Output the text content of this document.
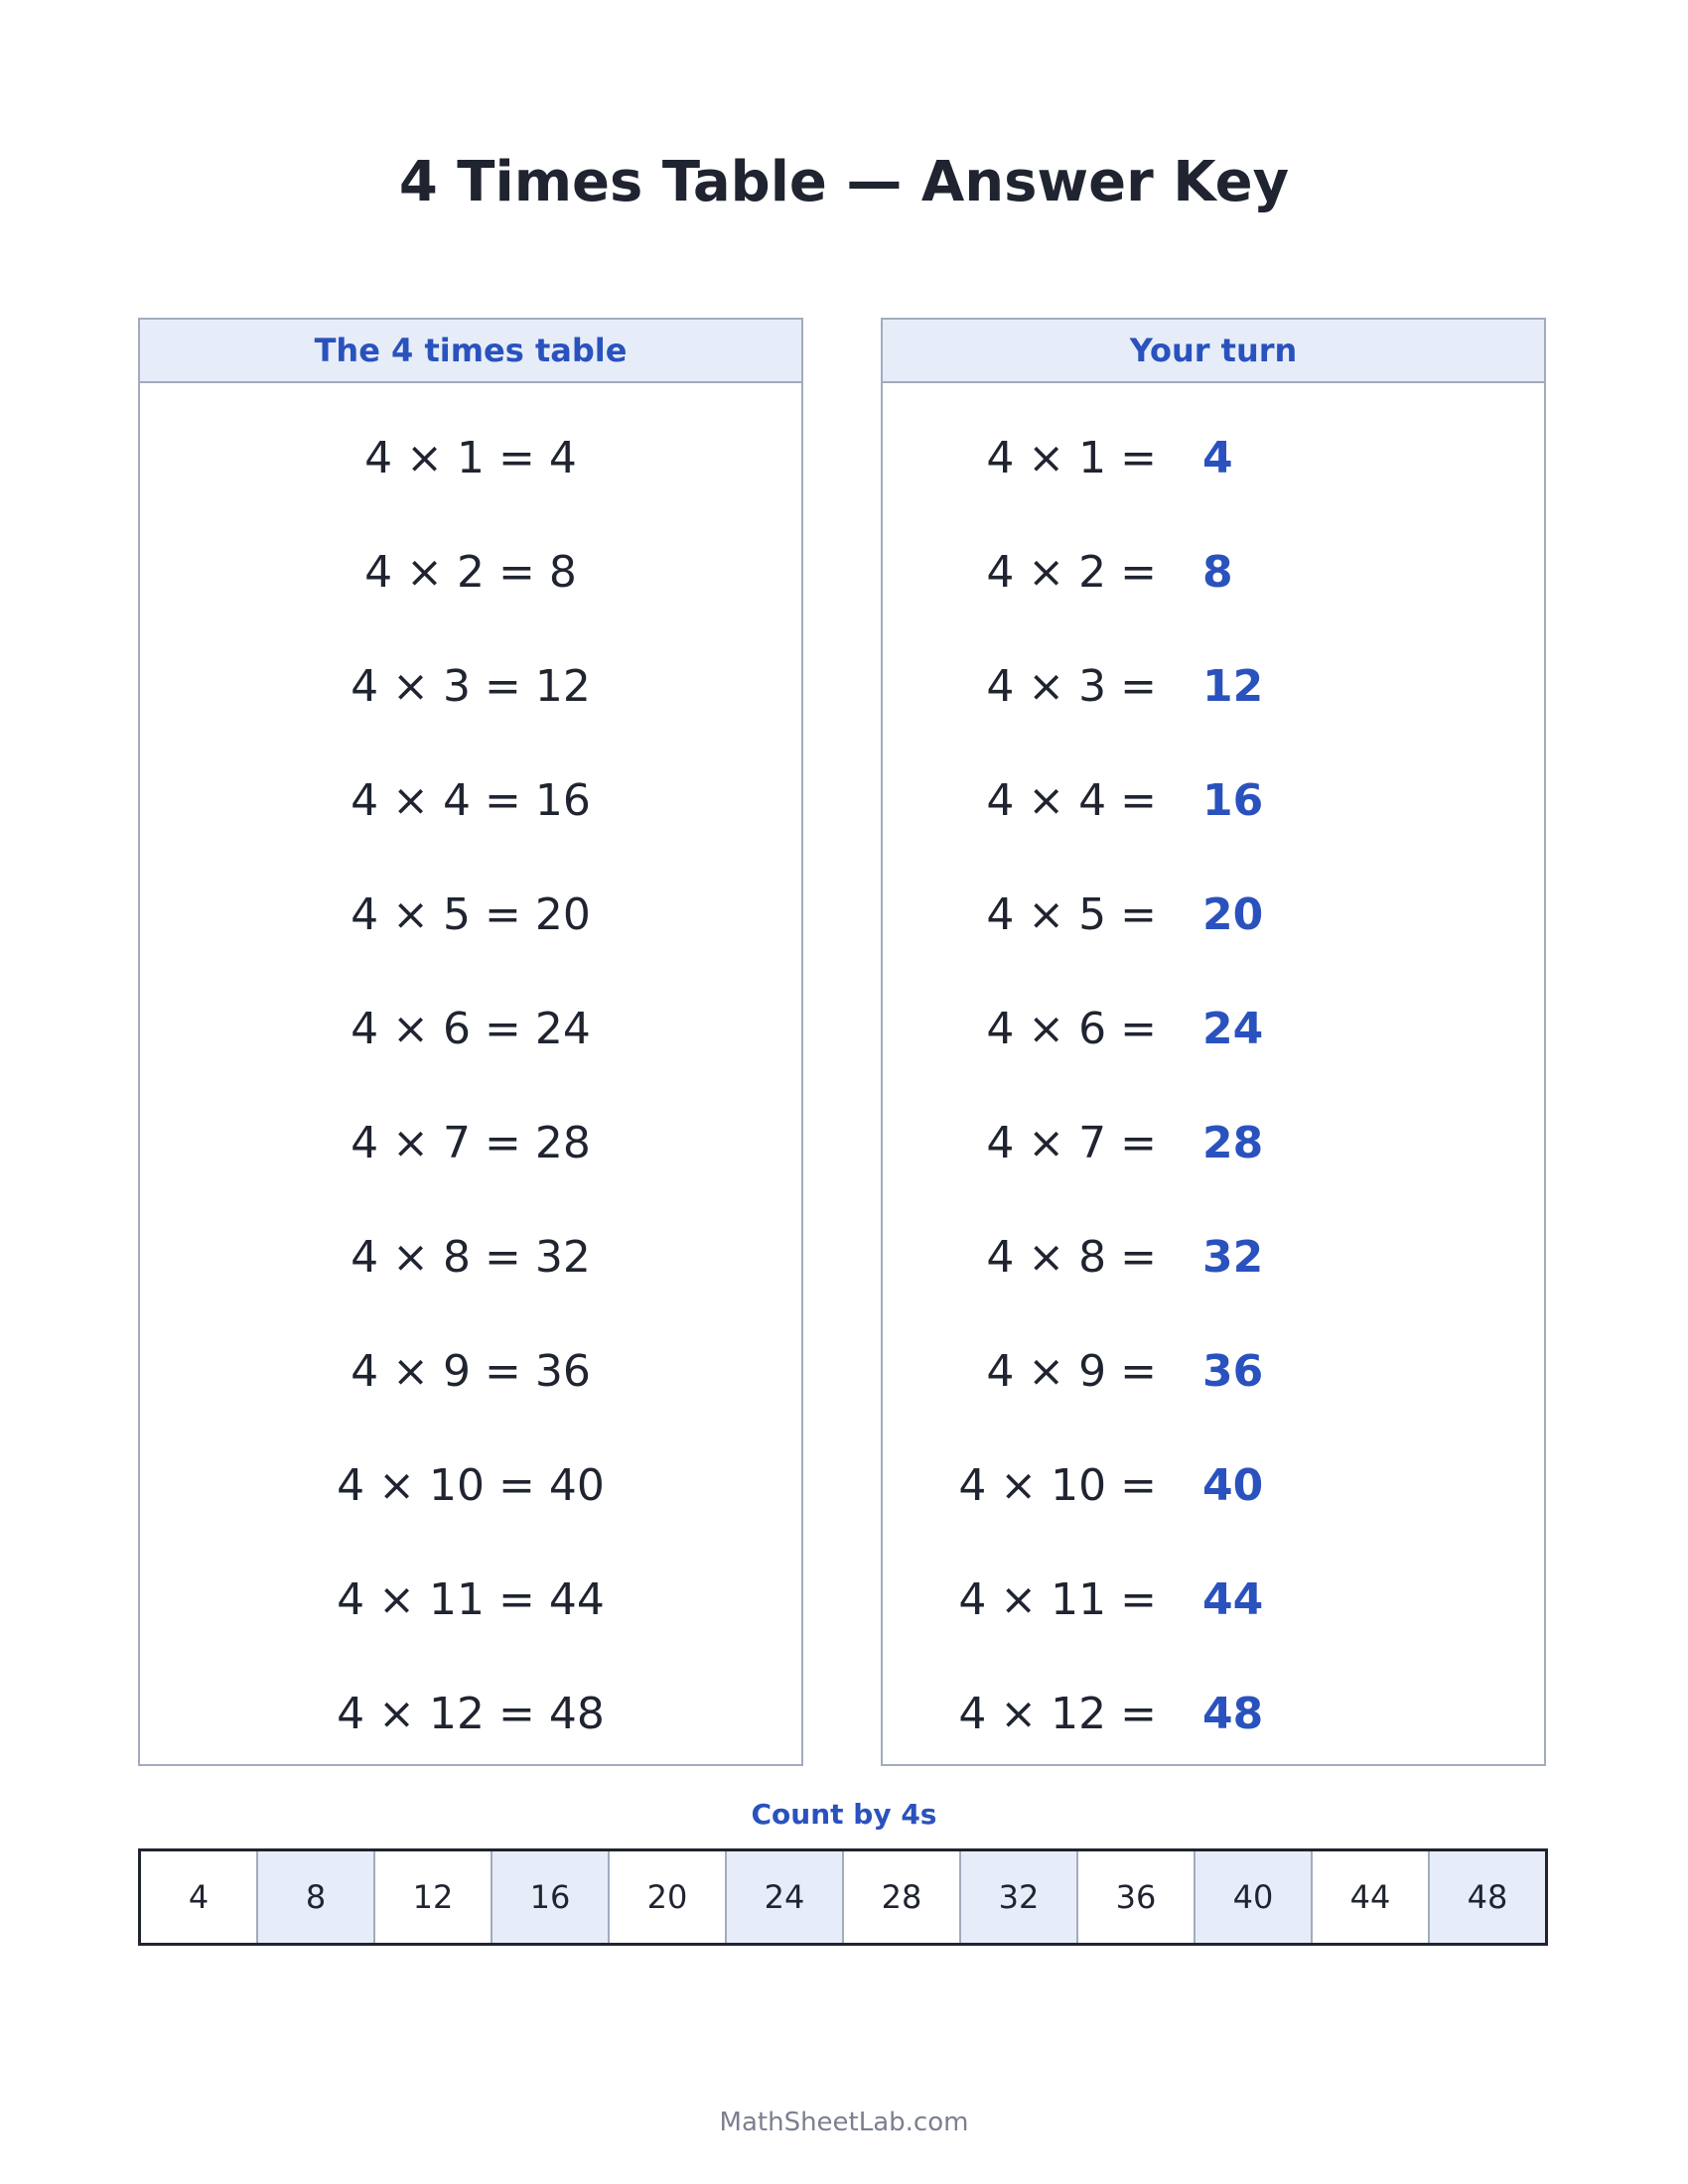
4 Times Table — Answer Key
The 4 times table
4 × 1 = 4
4 × 2 = 8
4 × 3 = 12
4 × 4 = 16
4 × 5 = 20
4 × 6 = 24
4 × 7 = 28
4 × 8 = 32
4 × 9 = 36
4 × 10 = 40
4 × 11 = 44
4 × 12 = 48
Your turn
4 × 1 = 4
4 × 2 = 8
4 × 3 = 12
4 × 4 = 16
4 × 5 = 20
4 × 6 = 24
4 × 7 = 28
4 × 8 = 32
4 × 9 = 36
4 × 10 = 40
4 × 11 = 44
4 × 12 = 48
Count by 4s
4	8	12	16	20	24	28	32	36	40	44	48
MathSheetLab.com
